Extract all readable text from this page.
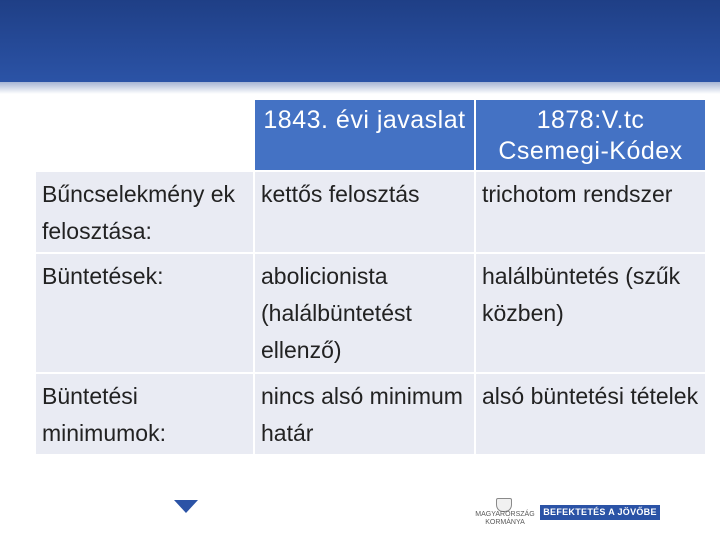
	1843. évi javaslat	1878:V.tc Csemegi-Kódex
Bűncselekmény ek felosztása:	kettős felosztás	trichotom rendszer
Büntetések:	abolicionista (halálbüntetést ellenző)	halálbüntetés (szűk közben)
Büntetési minimumok:	nincs alsó minimum határ	alsó büntetési tételek
MAGYARORSZÁG KORMÁNYA
BEFEKTETÉS A JÖVŐBE
